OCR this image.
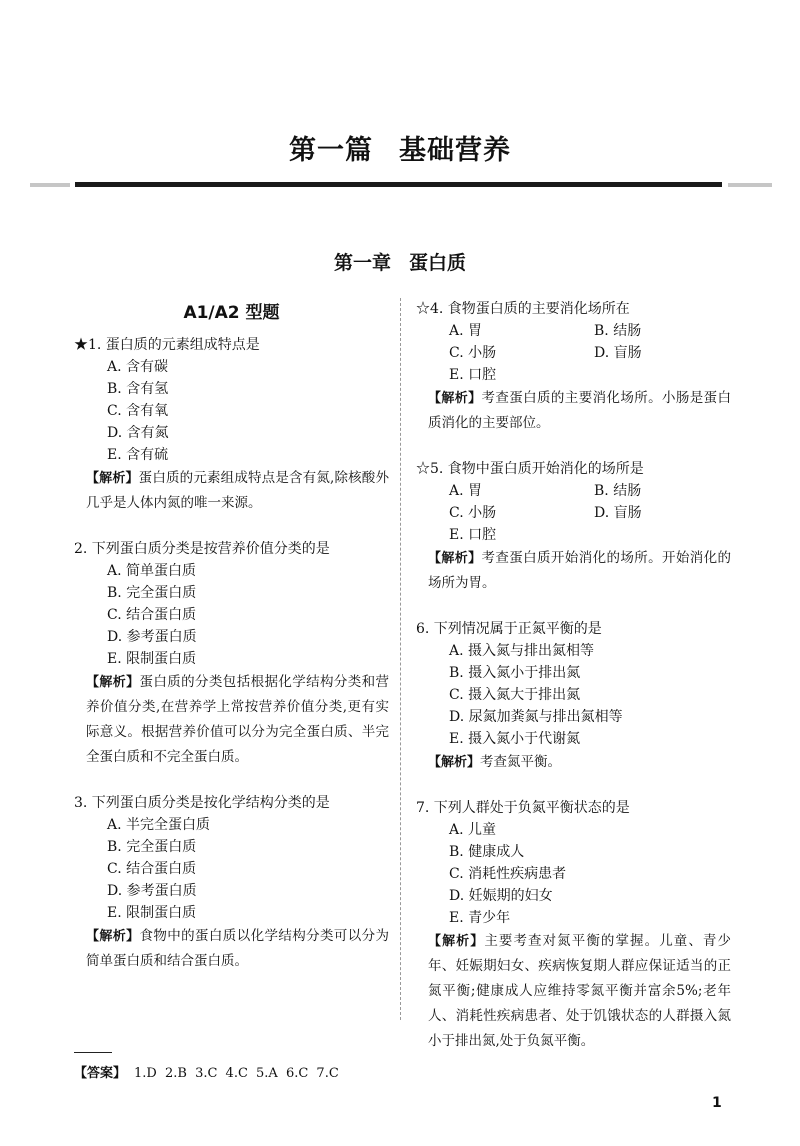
第一篇 基础营养
第一章 蛋白质
A1/A2 型题
★1. 蛋白质的元素组成特点是
A. 含有碳
B. 含有氢
C. 含有氧
D. 含有氮
E. 含有硫
【解析】蛋白质的元素组成特点是含有氮,除核酸外几乎是人体内氮的唯一来源。
2. 下列蛋白质分类是按营养价值分类的是
A. 简单蛋白质
B. 完全蛋白质
C. 结合蛋白质
D. 参考蛋白质
E. 限制蛋白质
【解析】蛋白质的分类包括根据化学结构分类和营养价值分类,在营养学上常按营养价值分类,更有实际意义。根据营养价值可以分为完全蛋白质、半完全蛋白质和不完全蛋白质。
3. 下列蛋白质分类是按化学结构分类的是
A. 半完全蛋白质
B. 完全蛋白质
C. 结合蛋白质
D. 参考蛋白质
E. 限制蛋白质
【解析】食物中的蛋白质以化学结构分类可以分为简单蛋白质和结合蛋白质。
☆4. 食物蛋白质的主要消化场所在
A. 胃	B. 结肠
C. 小肠	D. 盲肠
E. 口腔
【解析】考查蛋白质的主要消化场所。小肠是蛋白质消化的主要部位。
☆5. 食物中蛋白质开始消化的场所是
A. 胃	B. 结肠
C. 小肠	D. 盲肠
E. 口腔
【解析】考查蛋白质开始消化的场所。开始消化的场所为胃。
6. 下列情况属于正氮平衡的是
A. 摄入氮与排出氮相等
B. 摄入氮小于排出氮
C. 摄入氮大于排出氮
D. 尿氮加粪氮与排出氮相等
E. 摄入氮小于代谢氮
【解析】考查氮平衡。
7. 下列人群处于负氮平衡状态的是
A. 儿童
B. 健康成人
C. 消耗性疾病患者
D. 妊娠期的妇女
E. 青少年
【解析】主要考查对氮平衡的掌握。儿童、青少年、妊娠期妇女、疾病恢复期人群应保证适当的正氮平衡;健康成人应维持零氮平衡并富余5%;老年人、消耗性疾病患者、处于饥饿状态的人群摄入氮小于排出氮,处于负氮平衡。
【答案】 1.D 2.B 3.C 4.C 5.A 6.C 7.C
1
